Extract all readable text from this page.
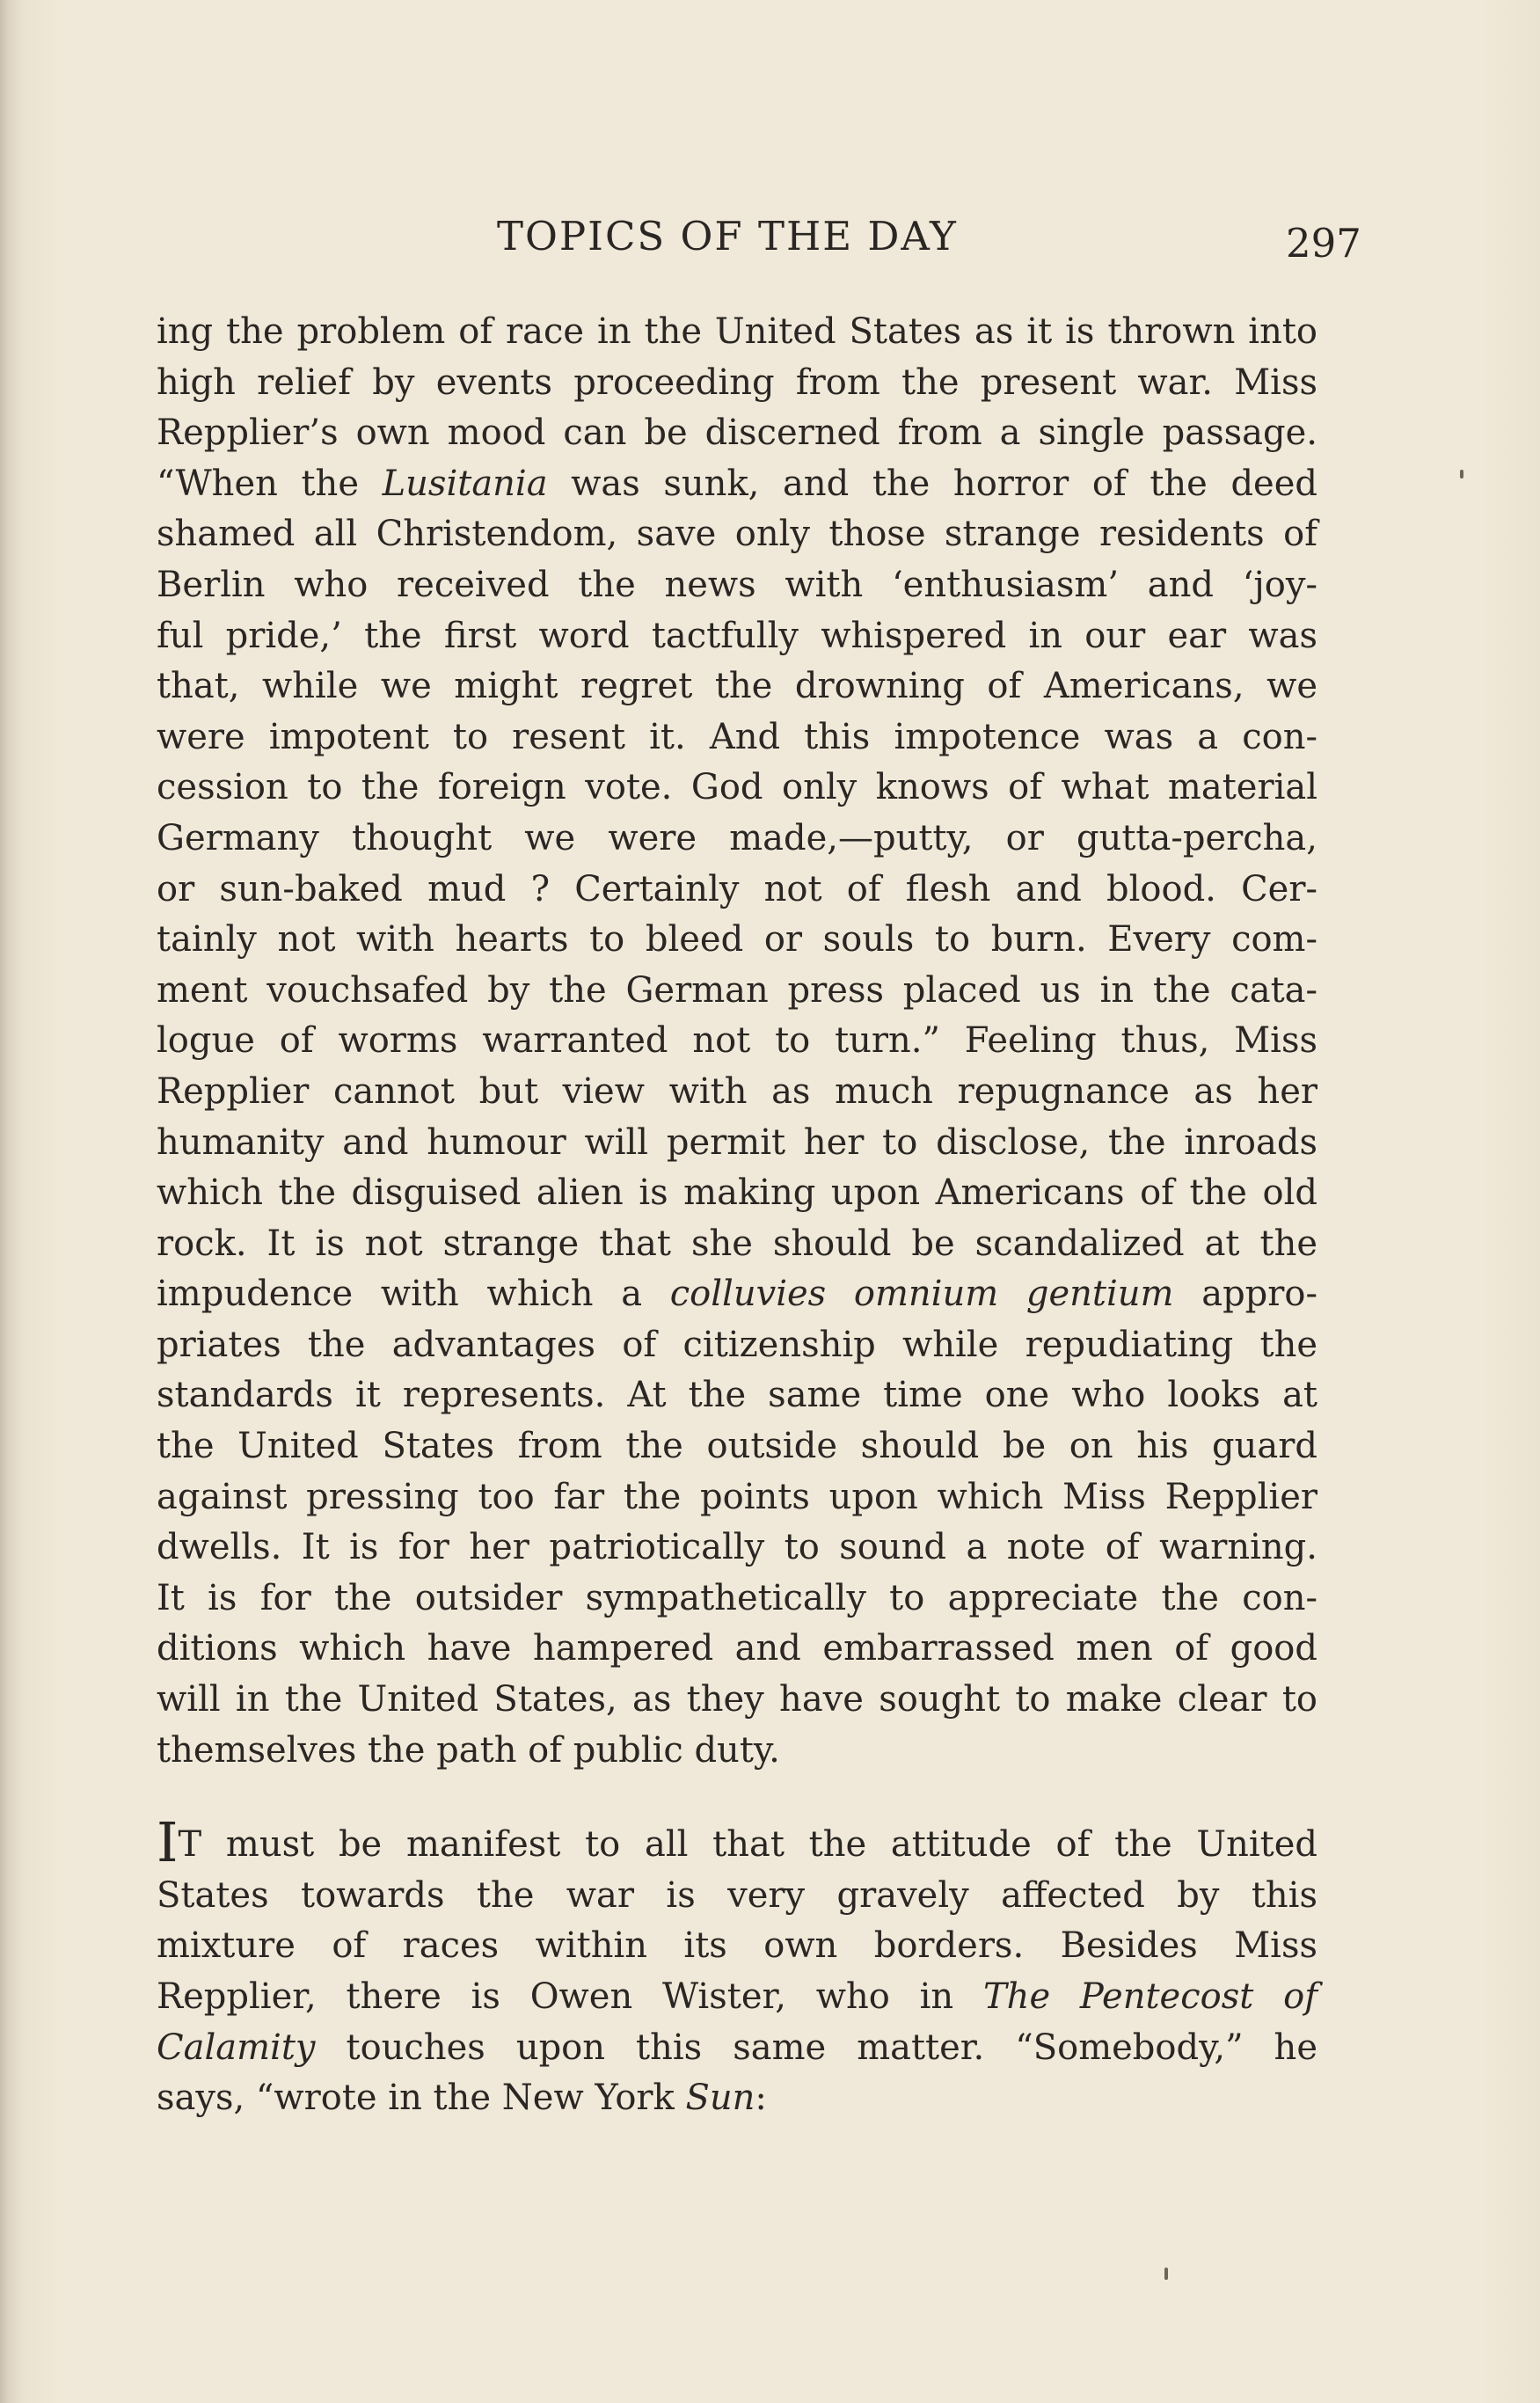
TOPICS OF THE DAY	297
ing the problem of race in the United States as it is thrown into
high relief by events proceeding from the present war. Miss
Repplier’s own mood can be discerned from a single passage.
“When the Lusitania was sunk, and the horror of the deed
shamed all Christendom, save only those strange residents of
Berlin who received the news with ‘enthusiasm’ and ‘joy-
ful pride,’ the first word tactfully whispered in our ear was
that, while we might regret the drowning of Americans, we
were impotent to resent it. And this impotence was a con-
cession to the foreign vote. God only knows of what material
Germany thought we were made,—putty, or gutta-percha,
or sun-baked mud ? Certainly not of flesh and blood. Cer-
tainly not with hearts to bleed or souls to burn. Every com-
ment vouchsafed by the German press placed us in the cata-
logue of worms warranted not to turn.” Feeling thus, Miss
Repplier cannot but view with as much repugnance as her
humanity and humour will permit her to disclose, the inroads
which the disguised alien is making upon Americans of the old
rock. It is not strange that she should be scandalized at the
impudence with which a colluvies omnium gentium appro-
priates the advantages of citizenship while repudiating the
standards it represents. At the same time one who looks at
the United States from the outside should be on his guard
against pressing too far the points upon which Miss Repplier
dwells. It is for her patriotically to sound a note of warning.
It is for the outsider sympathetically to appreciate the con-
ditions which have hampered and embarrassed men of good
will in the United States, as they have sought to make clear to
themselves the path of public duty.
IT must be manifest to all that the attitude of the United
States towards the war is very gravely affected by this
mixture of races within its own borders. Besides Miss
Repplier, there is Owen Wister, who in The Pentecost of
Calamity touches upon this same matter. “Somebody,” he
says, “wrote in the New York Sun:
